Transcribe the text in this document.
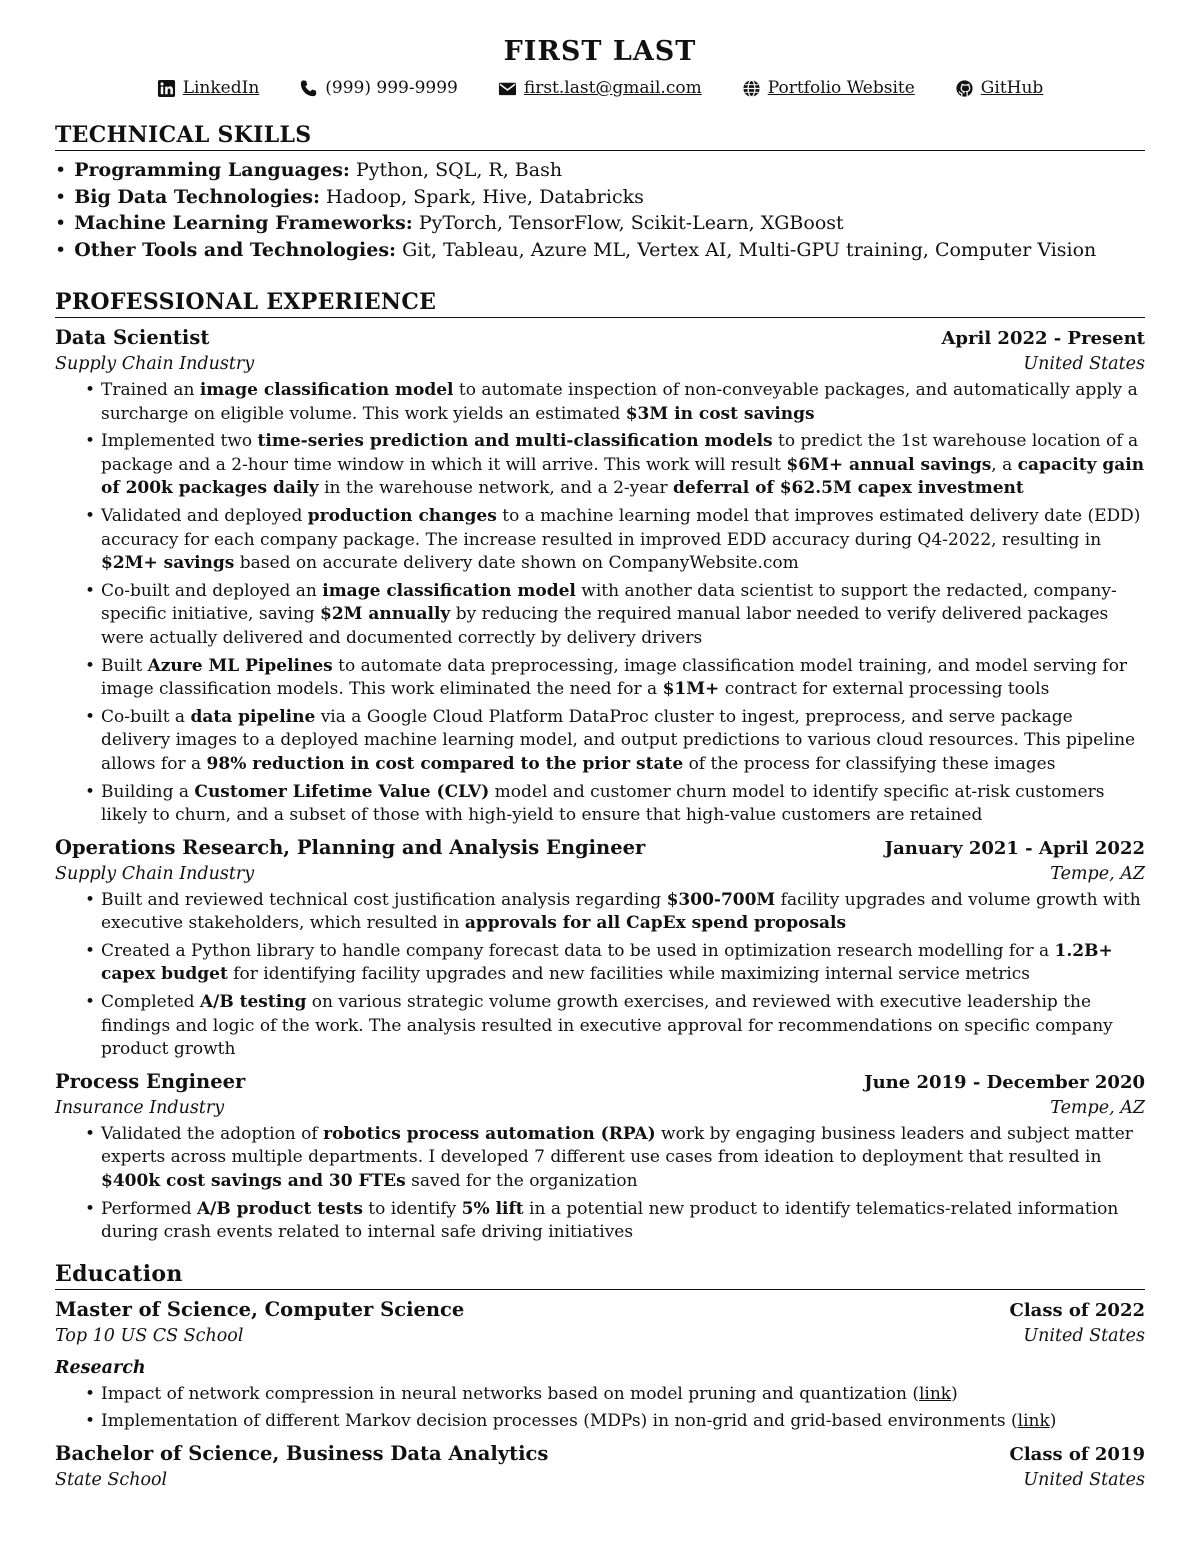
FIRST LAST
LinkedIn	(999) 999-9999	first.last@gmail.com	Portfolio Website	GitHub
TECHNICAL SKILLS
• Programming Languages: Python, SQL, R, Bash
• Big Data Technologies: Hadoop, Spark, Hive, Databricks
• Machine Learning Frameworks: PyTorch, TensorFlow, Scikit-Learn, XGBoost
• Other Tools and Technologies: Git, Tableau, Azure ML, Vertex AI, Multi-GPU training, Computer Vision
PROFESSIONAL EXPERIENCE
Data Scientist	April 2022 - Present
Supply Chain Industry	United States
• Trained an image classification model to automate inspection of non-conveyable packages, and automatically apply a surcharge on eligible volume. This work yields an estimated $3M in cost savings
• Implemented two time-series prediction and multi-classification models to predict the 1st warehouse location of a package and a 2-hour time window in which it will arrive. This work will result $6M+ annual savings, a capacity gain of 200k packages daily in the warehouse network, and a 2-year deferral of $62.5M capex investment
• Validated and deployed production changes to a machine learning model that improves estimated delivery date (EDD) accuracy for each company package. The increase resulted in improved EDD accuracy during Q4-2022, resulting in $2M+ savings based on accurate delivery date shown on CompanyWebsite.com
• Co-built and deployed an image classification model with another data scientist to support the redacted, company-specific initiative, saving $2M annually by reducing the required manual labor needed to verify delivered packages were actually delivered and documented correctly by delivery drivers
• Built Azure ML Pipelines to automate data preprocessing, image classification model training, and model serving for image classification models. This work eliminated the need for a $1M+ contract for external processing tools
• Co-built a data pipeline via a Google Cloud Platform DataProc cluster to ingest, preprocess, and serve package delivery images to a deployed machine learning model, and output predictions to various cloud resources. This pipeline allows for a 98% reduction in cost compared to the prior state of the process for classifying these images
• Building a Customer Lifetime Value (CLV) model and customer churn model to identify specific at-risk customers likely to churn, and a subset of those with high-yield to ensure that high-value customers are retained
Operations Research, Planning and Analysis Engineer	January 2021 - April 2022
Supply Chain Industry	Tempe, AZ
• Built and reviewed technical cost justification analysis regarding $300-700M facility upgrades and volume growth with executive stakeholders, which resulted in approvals for all CapEx spend proposals
• Created a Python library to handle company forecast data to be used in optimization research modelling for a 1.2B+ capex budget for identifying facility upgrades and new facilities while maximizing internal service metrics
• Completed A/B testing on various strategic volume growth exercises, and reviewed with executive leadership the findings and logic of the work. The analysis resulted in executive approval for recommendations on specific company product growth
Process Engineer	June 2019 - December 2020
Insurance Industry	Tempe, AZ
• Validated the adoption of robotics process automation (RPA) work by engaging business leaders and subject matter experts across multiple departments. I developed 7 different use cases from ideation to deployment that resulted in $400k cost savings and 30 FTEs saved for the organization
• Performed A/B product tests to identify 5% lift in a potential new product to identify telematics-related information during crash events related to internal safe driving initiatives
Education
Master of Science, Computer Science	Class of 2022
Top 10 US CS School	United States
Research
• Impact of network compression in neural networks based on model pruning and quantization (link)
• Implementation of different Markov decision processes (MDPs) in non-grid and grid-based environments (link)
Bachelor of Science, Business Data Analytics	Class of 2019
State School	United States
